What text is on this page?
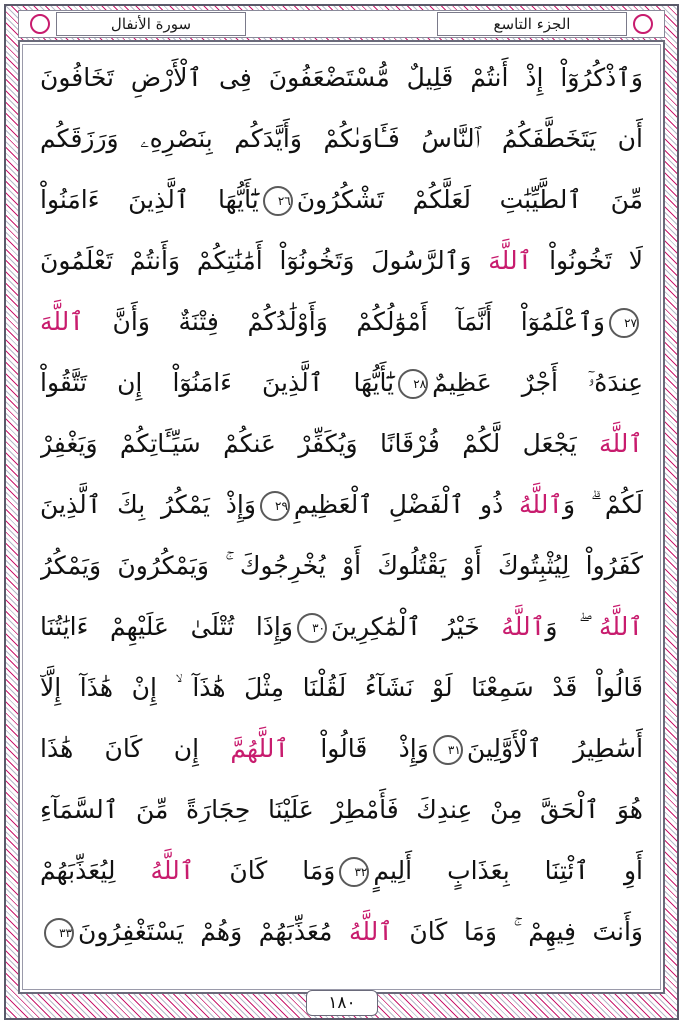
سورة الأنفال	الجزء التاسع
وَٱذْكُرُوٓاْ إِذْ أَنتُمْ قَلِيلٌ مُّسْتَضْعَفُونَ فِى ٱلْأَرْضِ تَخَافُونَ
أَن يَتَخَطَّفَكُمُ ٱلنَّاسُ فَـَٔاوَىٰكُمْ وَأَيَّدَكُم بِنَصْرِهِۦ وَرَزَقَكُم
مِّنَ ٱلطَّيِّبَٰتِ لَعَلَّكُمْ تَشْكُرُونَ٢٦يَٰٓأَيُّهَا ٱلَّذِينَ ءَامَنُواْ
لَا تَخُونُواْ ٱللَّهَ وَٱلرَّسُولَ وَتَخُونُوٓاْ أَمَٰنَٰتِكُمْ وَأَنتُمْ تَعْلَمُونَ
٢٧وَٱعْلَمُوٓاْ أَنَّمَآ أَمْوَٰلُكُمْ وَأَوْلَٰدُكُمْ فِتْنَةٌ وَأَنَّ ٱللَّهَ
عِندَهُۥٓ أَجْرٌ عَظِيمٌ٢٨يَٰٓأَيُّهَا ٱلَّذِينَ ءَامَنُوٓاْ إِن تَتَّقُواْ
ٱللَّهَ يَجْعَل لَّكُمْ فُرْقَانًا وَيُكَفِّرْ عَنكُمْ سَيِّـَٔاتِكُمْ وَيَغْفِرْ
لَكُمْ ۗ وَٱللَّهُ ذُو ٱلْفَضْلِ ٱلْعَظِيمِ٢٩وَإِذْ يَمْكُرُ بِكَ ٱلَّذِينَ
كَفَرُواْ لِيُثْبِتُوكَ أَوْ يَقْتُلُوكَ أَوْ يُخْرِجُوكَ ۚ وَيَمْكُرُونَ وَيَمْكُرُ
ٱللَّهُ ۖ وَٱللَّهُ خَيْرُ ٱلْمَٰكِرِينَ٣٠وَإِذَا تُتْلَىٰ عَلَيْهِمْ ءَايَٰتُنَا
قَالُواْ قَدْ سَمِعْنَا لَوْ نَشَآءُ لَقُلْنَا مِثْلَ هَٰذَآ ۙ إِنْ هَٰذَآ إِلَّآ
أَسَٰطِيرُ ٱلْأَوَّلِينَ٣١وَإِذْ قَالُواْ ٱللَّهُمَّ إِن كَانَ هَٰذَا
هُوَ ٱلْحَقَّ مِنْ عِندِكَ فَأَمْطِرْ عَلَيْنَا حِجَارَةً مِّنَ ٱلسَّمَآءِ
أَوِ ٱئْتِنَا بِعَذَابٍ أَلِيمٍ٣٢وَمَا كَانَ ٱللَّهُ لِيُعَذِّبَهُمْ
وَأَنتَ فِيهِمْ ۚ وَمَا كَانَ ٱللَّهُ مُعَذِّبَهُمْ وَهُمْ يَسْتَغْفِرُونَ٣٣
١٨٠
